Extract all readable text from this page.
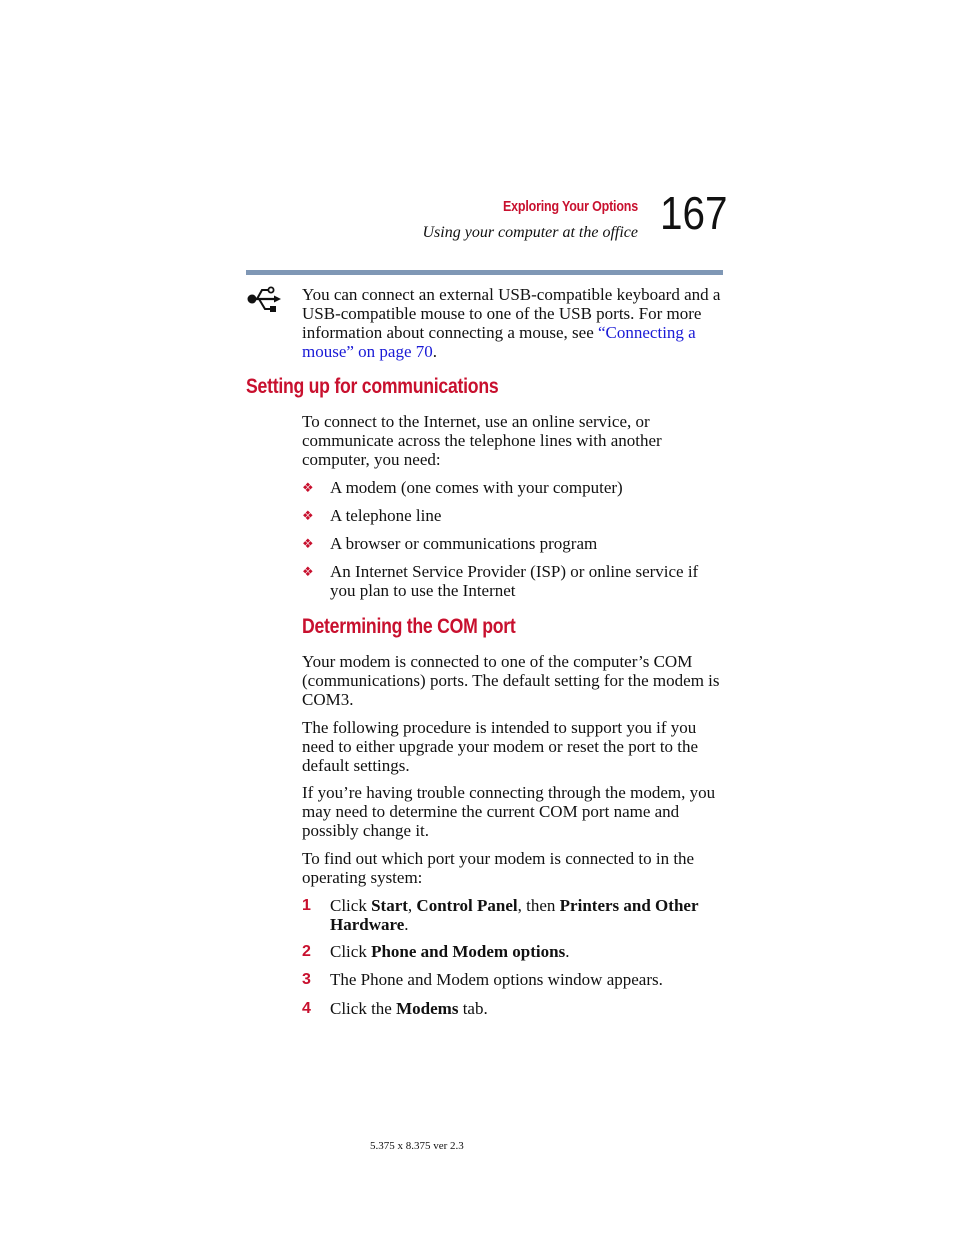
Exploring Your Options
Using your computer at the office 167
You can connect an external USB-compatible keyboard and a USB-compatible mouse to one of the USB ports. For more information about connecting a mouse, see “Connecting a mouse” on page 70.
Setting up for communications
To connect to the Internet, use an online service, or communicate across the telephone lines with another computer, you need:
❖ A modem (one comes with your computer)
❖ A telephone line
❖ A browser or communications program
❖ An Internet Service Provider (ISP) or online service if you plan to use the Internet
Determining the COM port
Your modem is connected to one of the computer’s COM (communications) ports. The default setting for the modem is COM3.
The following procedure is intended to support you if you need to either upgrade your modem or reset the port to the default settings.
If you’re having trouble connecting through the modem, you may need to determine the current COM port name and possibly change it.
To find out which port your modem is connected to in the operating system:
1 Click Start, Control Panel, then Printers and Other Hardware.
2 Click Phone and Modem options.
3 The Phone and Modem options window appears.
4 Click the Modems tab.
5.375 x 8.375 ver 2.3
